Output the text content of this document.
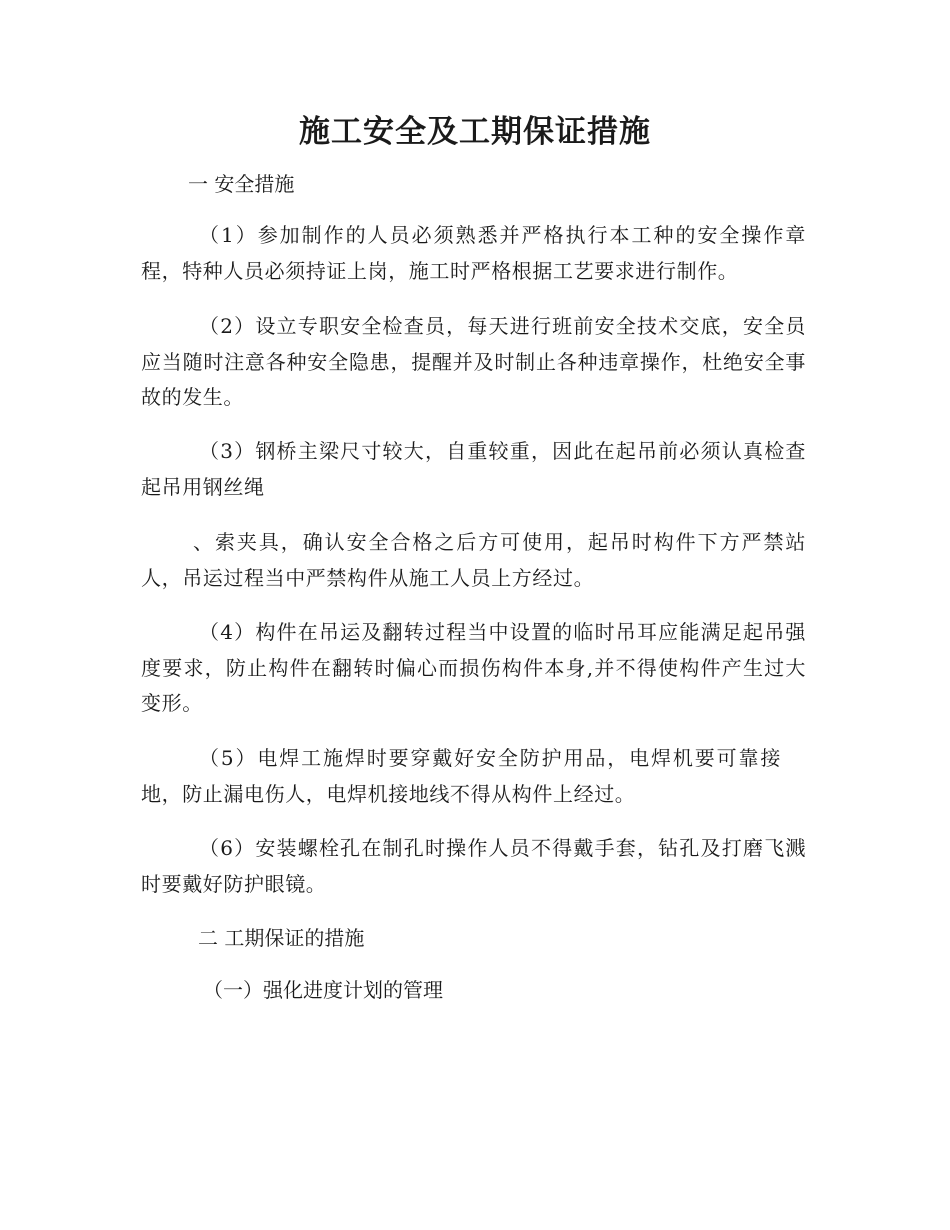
施工安全及工期保证措施
一 安全措施
（1）参加制作的人员必须熟悉并严格执行本工种的安全操作章程，特种人员必须持证上岗，施工时严格根据工艺要求进行制作。
（2）设立专职安全检查员，每天进行班前安全技术交底，安全员应当随时注意各种安全隐患，提醒并及时制止各种违章操作，杜绝安全事故的发生。
（3）钢桥主梁尺寸较大，自重较重，因此在起吊前必须认真检查起吊用钢丝绳
、索夹具，确认安全合格之后方可使用，起吊时构件下方严禁站人，吊运过程当中严禁构件从施工人员上方经过。
（4）构件在吊运及翻转过程当中设置的临时吊耳应能满足起吊强度要求，防止构件在翻转时偏心而损伤构件本身,并不得使构件产生过大变形。
（5）电焊工施焊时要穿戴好安全防护用品，电焊机要可靠接地，防止漏电伤人，电焊机接地线不得从构件上经过。
（6）安装螺栓孔在制孔时操作人员不得戴手套，钻孔及打磨飞溅时要戴好防护眼镜。
二 工期保证的措施
（一）强化进度计划的管理
